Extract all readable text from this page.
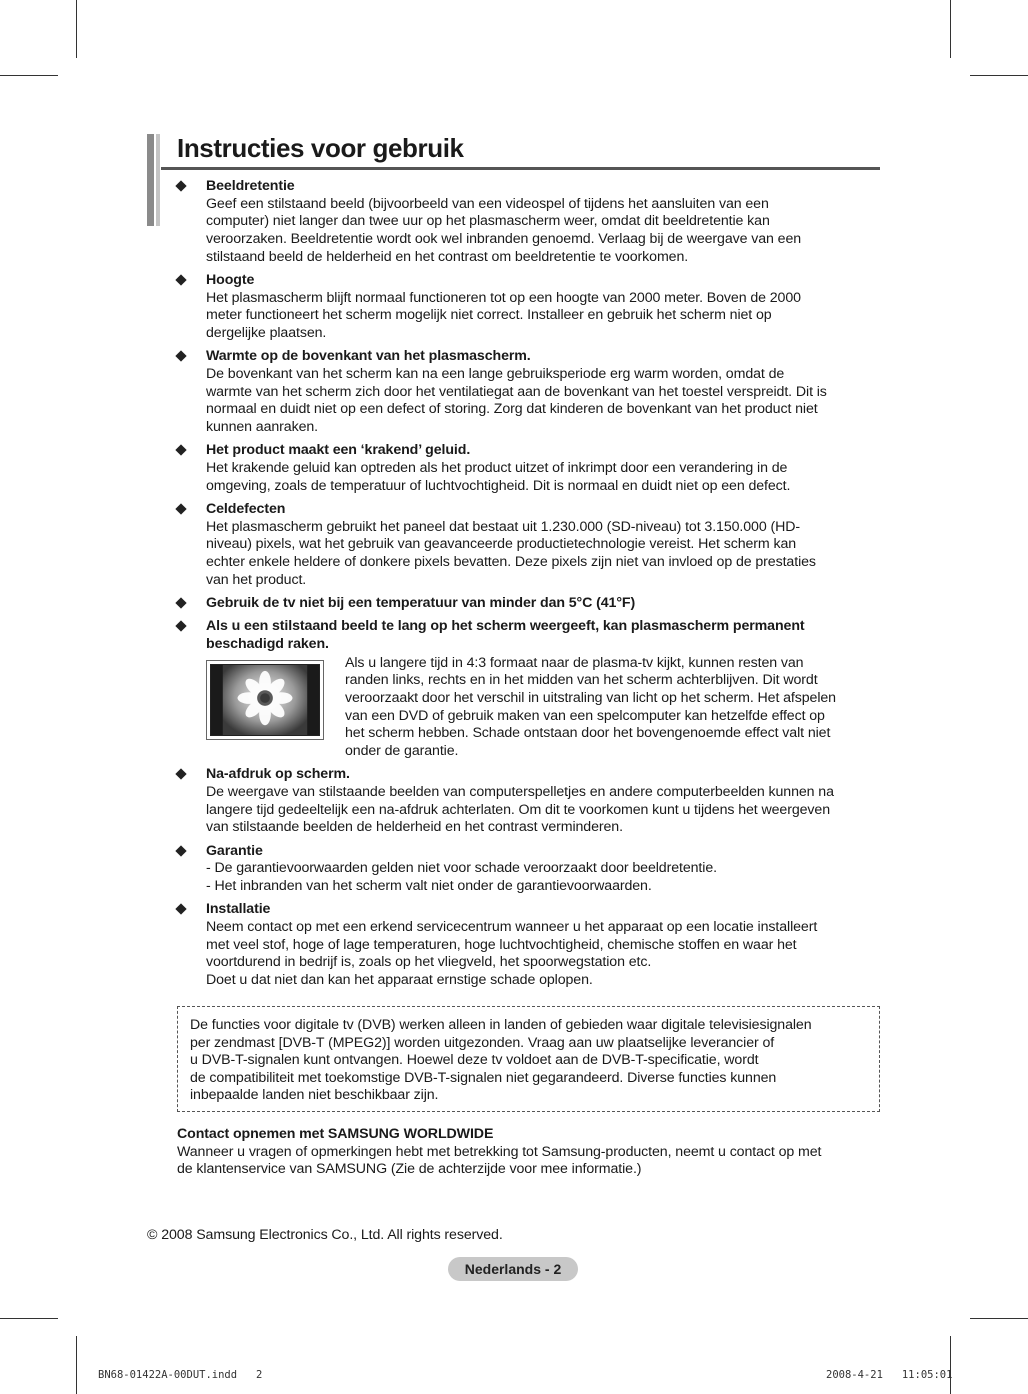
Instructies voor gebruik
Beeldretentie
Geef een stilstaand beeld (bijvoorbeeld van een videospel of tijdens het aansluiten van een
computer) niet langer dan twee uur op het plasmascherm weer, omdat dit beeldretentie kan
veroorzaken. Beeldretentie wordt ook wel inbranden genoemd. Verlaag bij de weergave van een
stilstaand beeld de helderheid en het contrast om beeldretentie te voorkomen.
Hoogte
Het plasmascherm blijft normaal functioneren tot op een hoogte van 2000 meter. Boven de 2000
meter functioneert het scherm mogelijk niet correct. Installeer en gebruik het scherm niet op
dergelijke plaatsen.
Warmte op de bovenkant van het plasmascherm.
De bovenkant van het scherm kan na een lange gebruiksperiode erg warm worden, omdat de
warmte van het scherm zich door het ventilatiegat aan de bovenkant van het toestel verspreidt. Dit is
normaal en duidt niet op een defect of storing. Zorg dat kinderen de bovenkant van het product niet
kunnen aanraken.
Het product maakt een ‘krakend’ geluid.
Het krakende geluid kan optreden als het product uitzet of inkrimpt door een verandering in de
omgeving, zoals de temperatuur of luchtvochtigheid. Dit is normaal en duidt niet op een defect.
Celdefecten
Het plasmascherm gebruikt het paneel dat bestaat uit 1.230.000 (SD-niveau) tot 3.150.000 (HD-
niveau) pixels, wat het gebruik van geavanceerde productietechnologie vereist. Het scherm kan
echter enkele heldere of donkere pixels bevatten. Deze pixels zijn niet van invloed op de prestaties
van het product.
Gebruik de tv niet bij een temperatuur van minder dan 5°C (41°F)
Als u een stilstaand beeld te lang op het scherm weergeeft, kan plasmascherm permanent
beschadigd raken.
Als u langere tijd in 4:3 formaat naar de plasma-tv kijkt, kunnen resten van
randen links, rechts en in het midden van het scherm achterblijven. Dit wordt
veroorzaakt door het verschil in uitstraling van licht op het scherm. Het afspelen
van een DVD of gebruik maken van een spelcomputer kan hetzelfde effect op
het scherm hebben. Schade ontstaan door het bovengenoemde effect valt niet
onder de garantie.
Na-afdruk op scherm.
De weergave van stilstaande beelden van computerspelletjes en andere computerbeelden kunnen na
langere tijd gedeeltelijk een na-afdruk achterlaten. Om dit te voorkomen kunt u tijdens het weergeven
van stilstaande beelden de helderheid en het contrast verminderen.
Garantie
- De garantievoorwaarden gelden niet voor schade veroorzaakt door beeldretentie.
- Het inbranden van het scherm valt niet onder de garantievoorwaarden.
Installatie
Neem contact op met een erkend servicecentrum wanneer u het apparaat op een locatie installeert
met veel stof, hoge of lage temperaturen, hoge luchtvochtigheid, chemische stoffen en waar het
voortdurend in bedrijf is, zoals op het vliegveld, het spoorwegstation etc.
Doet u dat niet dan kan het apparaat ernstige schade oplopen.
De functies voor digitale tv (DVB) werken alleen in landen of gebieden waar digitale televisiesignalen
per zendmast [DVB-T (MPEG2)] worden uitgezonden. Vraag aan uw plaatselijke leverancier of
u DVB-T-signalen kunt ontvangen. Hoewel deze tv voldoet aan de DVB-T-specificatie, wordt
de compatibiliteit met toekomstige DVB-T-signalen niet gegarandeerd. Diverse functies kunnen
inbepaalde landen niet beschikbaar zijn.
Contact opnemen met SAMSUNG WORLDWIDE
Wanneer u vragen of opmerkingen hebt met betrekking tot Samsung-producten, neemt u contact op met
de klantenservice van SAMSUNG (Zie de achterzijde voor mee informatie.)
© 2008 Samsung Electronics Co., Ltd. All rights reserved.
Nederlands - 2
BN68-01422A-00DUT.indd   2	2008-4-21   11:05:01
